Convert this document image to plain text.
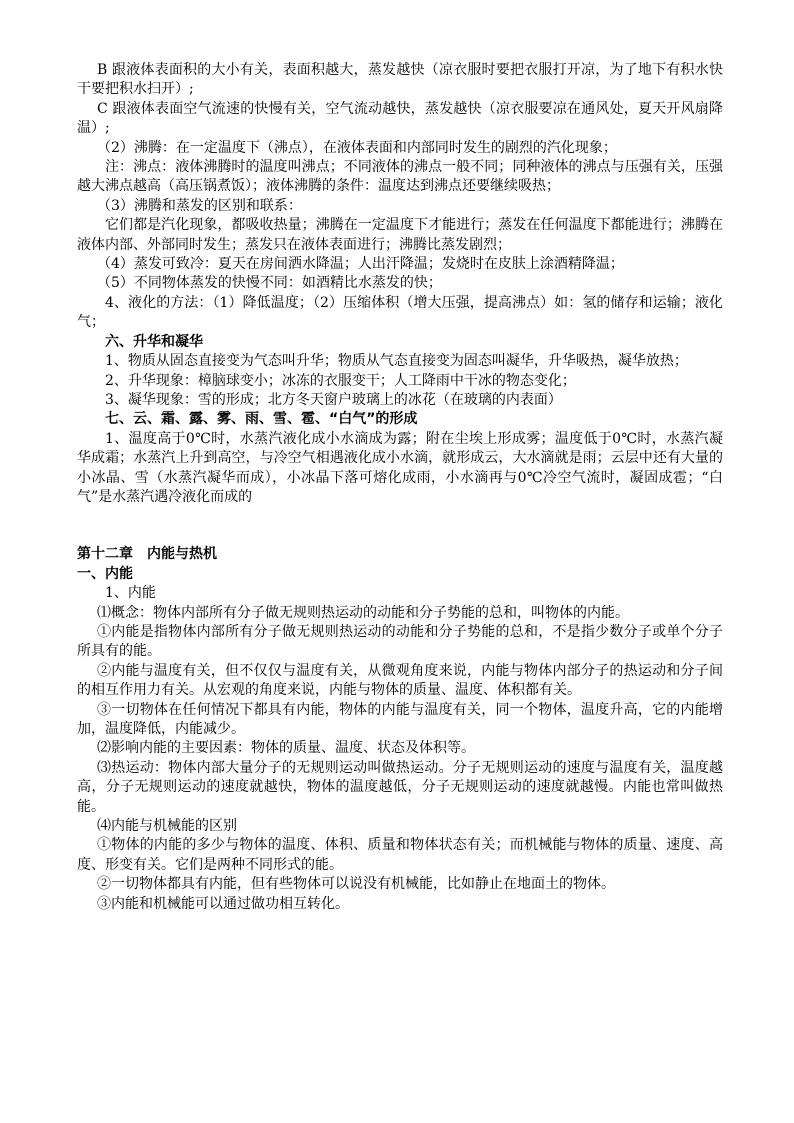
B 跟液体表面积的大小有关，表面积越大，蒸发越快（凉衣服时要把衣服打开凉，为了地下有积水快干要把积水扫开）;

C 跟液体表面空气流速的快慢有关，空气流动越快，蒸发越快（凉衣服要凉在通风处，夏天开风扇降温）;

（2）沸腾：在一定温度下（沸点），在液体表面和内部同时发生的剧烈的汽化现象；

注：沸点：液体沸腾时的温度叫沸点；不同液体的沸点一般不同；同种液体的沸点与压强有关，压强越大沸点越高（高压锅煮饭）；液体沸腾的条件：温度达到沸点还要继续吸热；

（3）沸腾和蒸发的区别和联系：

它们都是汽化现象，都吸收热量；沸腾在一定温度下才能进行；蒸发在任何温度下都能进行；沸腾在液体内部、外部同时发生；蒸发只在液体表面进行；沸腾比蒸发剧烈；

（4）蒸发可致冷：夏天在房间洒水降温；人出汗降温；发烧时在皮肤上涂酒精降温；

（5）不同物体蒸发的快慢不同：如酒精比水蒸发的快；

4、液化的方法：（1）降低温度；（2）压缩体积（增大压强，提高沸点）如：氢的储存和运输；液化气；

六、升华和凝华

1、物质从固态直接变为气态叫升华；物质从气态直接变为固态叫凝华，升华吸热，凝华放热；

2、升华现象：樟脑球变小；冰冻的衣服变干；人工降雨中干冰的物态变化；

3、凝华现象：雪的形成；北方冬天窗户玻璃上的冰花（在玻璃的内表面）

七、云、霜、露、雾、雨、雪、雹、“白气”的形成

1、温度高于0℃时，水蒸汽液化成小水滴成为露；附在尘埃上形成雾；温度低于0℃时，水蒸汽凝华成霜；水蒸汽上升到高空，与冷空气相遇液化成小水滴，就形成云，大水滴就是雨；云层中还有大量的小冰晶、雪（水蒸汽凝华而成），小冰晶下落可熔化成雨，小水滴再与0℃冷空气流时，凝固成雹；“白气”是水蒸汽遇冷液化而成的

第十二章　内能与热机

一、内能

1、内能

⑴概念：物体内部所有分子做无规则热运动的动能和分子势能的总和，叫物体的内能。

①内能是指物体内部所有分子做无规则热运动的动能和分子势能的总和，不是指少数分子或单个分子所具有的能。

②内能与温度有关，但不仅仅与温度有关，从微观角度来说，内能与物体内部分子的热运动和分子间的相互作用力有关。从宏观的角度来说，内能与物体的质量、温度、体积都有关。

③一切物体在任何情况下都具有内能，物体的内能与温度有关，同一个物体，温度升高，它的内能增加，温度降低，内能减少。

⑵影响内能的主要因素：物体的质量、温度、状态及体积等。

⑶热运动：物体内部大量分子的无规则运动叫做热运动。分子无规则运动的速度与温度有关，温度越高，分子无规则运动的速度就越快，物体的温度越低，分子无规则运动的速度就越慢。内能也常叫做热能。

⑷内能与机械能的区别

①物体的内能的多少与物体的温度、体积、质量和物体状态有关；而机械能与物体的质量、速度、高度、形变有关。它们是两种不同形式的能。

②一切物体都具有内能，但有些物体可以说没有机械能，比如静止在地面土的物体。

③内能和机械能可以通过做功相互转化。
